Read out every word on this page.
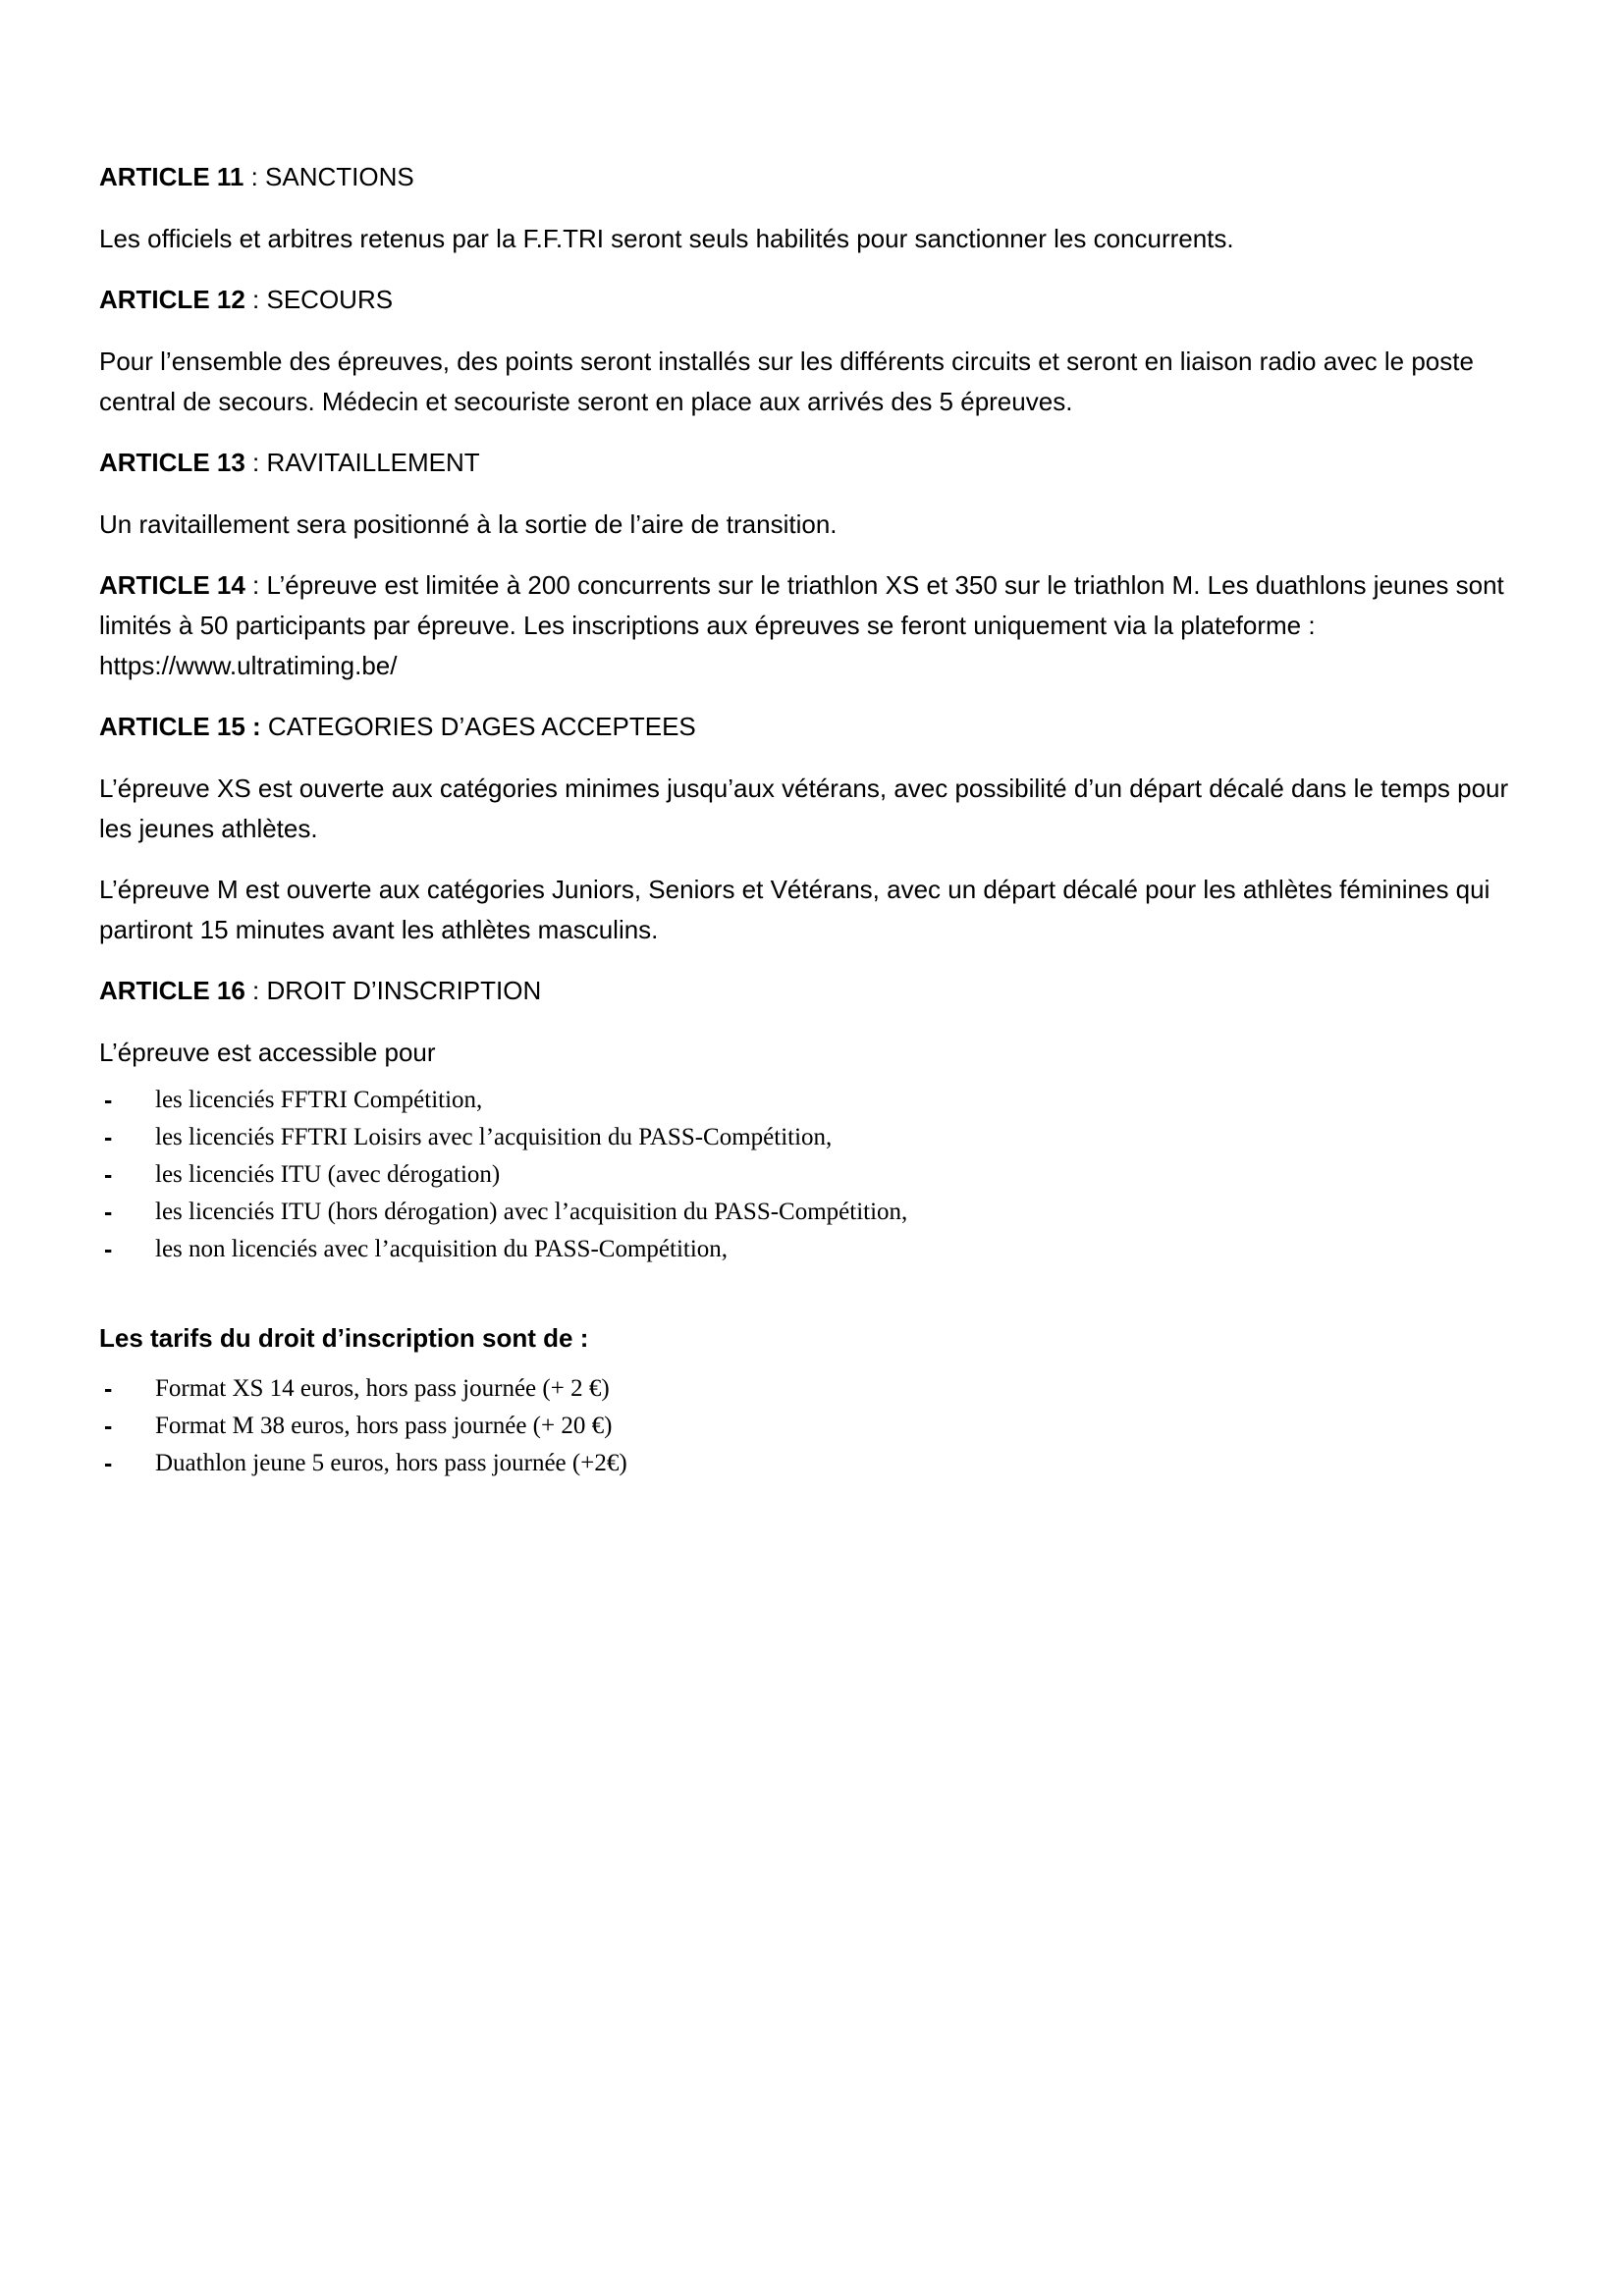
ARTICLE 11 : SANCTIONS

Les officiels et arbitres retenus par la F.F.TRI seront seuls habilités pour sanctionner les concurrents.

ARTICLE 12 : SECOURS

Pour l’ensemble des épreuves, des points seront installés sur les différents circuits et seront en liaison radio avec le poste central de secours. Médecin et secouriste seront en place aux arrivés des 5 épreuves.

ARTICLE 13 : RAVITAILLEMENT

Un ravitaillement sera positionné à la sortie de l’aire de transition.

ARTICLE 14 : L’épreuve est limitée à 200 concurrents sur le triathlon XS et 350 sur le triathlon M. Les duathlons jeunes sont limités à 50 participants par épreuve. Les inscriptions aux épreuves se feront uniquement via la plateforme : https://www.ultratiming.be/

ARTICLE 15 : CATEGORIES D’AGES ACCEPTEES

L’épreuve XS est ouverte aux catégories minimes jusqu’aux vétérans, avec possibilité d’un départ décalé dans le temps pour les jeunes athlètes.

L’épreuve M est ouverte aux catégories Juniors, Seniors et Vétérans, avec un départ décalé pour les athlètes féminines qui partiront 15 minutes avant les athlètes masculins.

ARTICLE 16 : DROIT D’INSCRIPTION

L’épreuve est accessible pour

- les licenciés FFTRI Compétition,
- les licenciés FFTRI Loisirs avec l’acquisition du PASS-Compétition,
- les licenciés ITU (avec dérogation)
- les licenciés ITU (hors dérogation) avec l’acquisition du PASS-Compétition,
- les non licenciés avec l’acquisition du PASS-Compétition,

Les tarifs du droit d’inscription sont de :

- Format XS 14 euros, hors pass journée (+ 2 €)
- Format M 38 euros, hors pass journée (+ 20 €)
- Duathlon jeune 5 euros, hors pass journée (+2€)
